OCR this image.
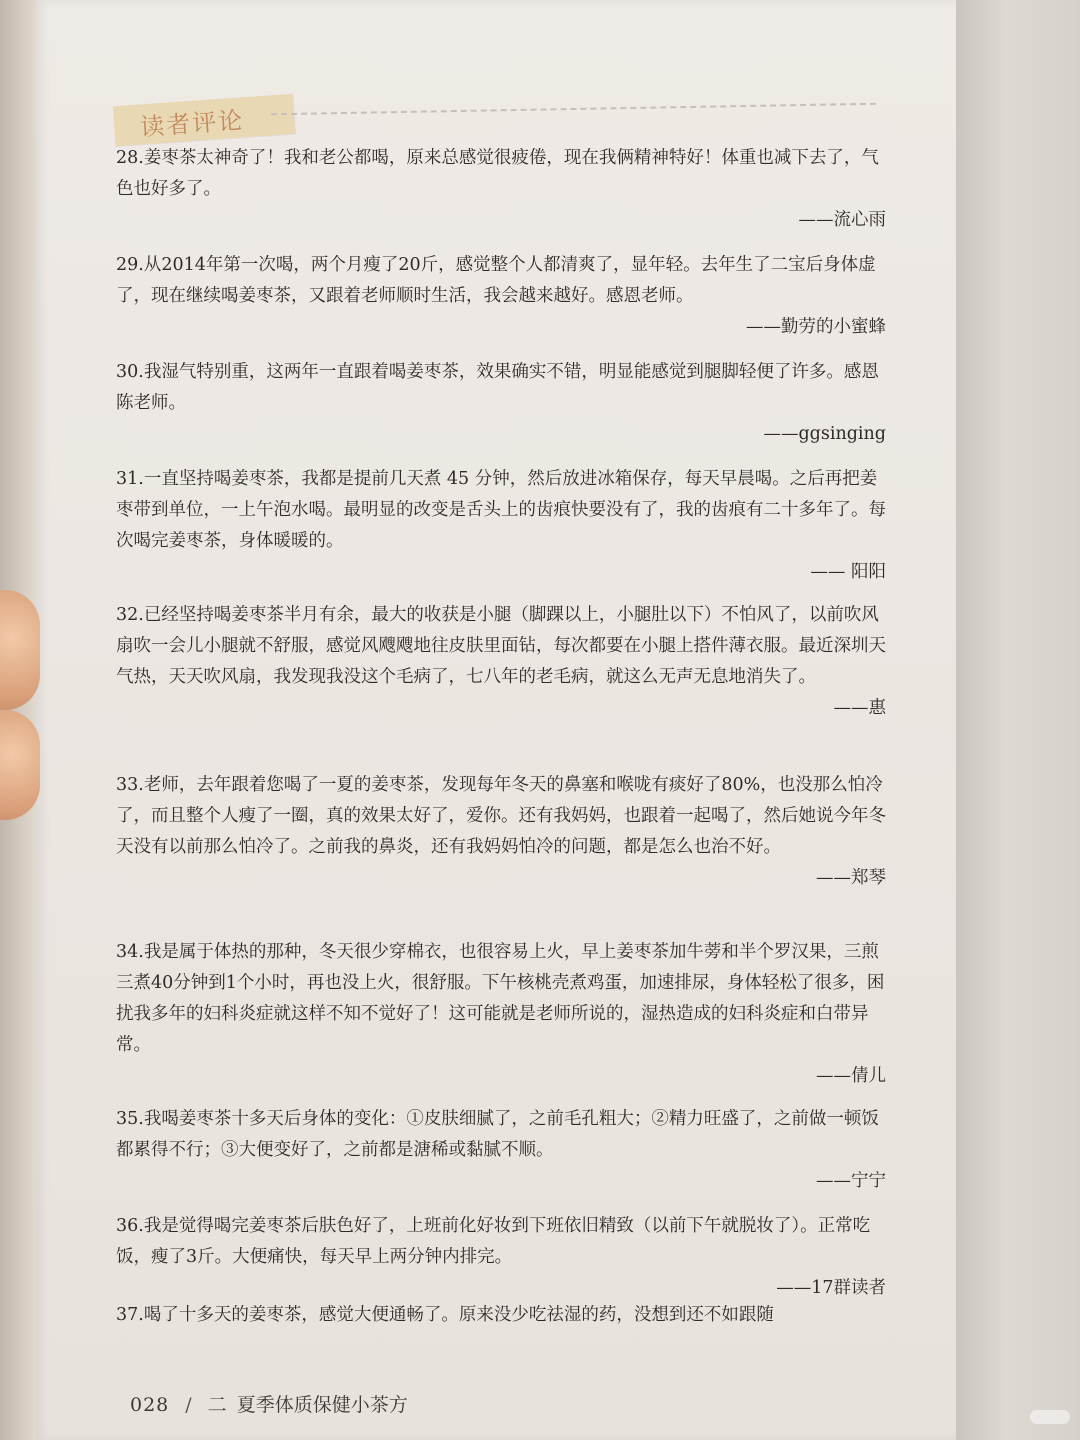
读者评论
28.姜枣茶太神奇了！我和老公都喝，原来总感觉很疲倦，现在我俩精神特好！体重也减下去了，气色也好多了。
——流心雨
29.从2014年第一次喝，两个月瘦了20斤，感觉整个人都清爽了，显年轻。去年生了二宝后身体虚了，现在继续喝姜枣茶，又跟着老师顺时生活，我会越来越好。感恩老师。
——勤劳的小蜜蜂
30.我湿气特别重，这两年一直跟着喝姜枣茶，效果确实不错，明显能感觉到腿脚轻便了许多。感恩陈老师。
——ggsinging
31.一直坚持喝姜枣茶，我都是提前几天煮 45 分钟，然后放进冰箱保存，每天早晨喝。之后再把姜枣带到单位，一上午泡水喝。最明显的改变是舌头上的齿痕快要没有了，我的齿痕有二十多年了。每次喝完姜枣茶，身体暖暖的。
—— 阳阳
32.已经坚持喝姜枣茶半月有余，最大的收获是小腿（脚踝以上，小腿肚以下）不怕风了，以前吹风扇吹一会儿小腿就不舒服，感觉风飕飕地往皮肤里面钻，每次都要在小腿上搭件薄衣服。最近深圳天气热，天天吹风扇，我发现我没这个毛病了，七八年的老毛病，就这么无声无息地消失了。
——惠
33.老师，去年跟着您喝了一夏的姜枣茶，发现每年冬天的鼻塞和喉咙有痰好了80%，也没那么怕冷了，而且整个人瘦了一圈，真的效果太好了，爱你。还有我妈妈，也跟着一起喝了，然后她说今年冬天没有以前那么怕冷了。之前我的鼻炎，还有我妈妈怕冷的问题，都是怎么也治不好。
——郑琴
34.我是属于体热的那种，冬天很少穿棉衣，也很容易上火，早上姜枣茶加牛蒡和半个罗汉果，三煎三煮40分钟到1个小时，再也没上火，很舒服。下午核桃壳煮鸡蛋，加速排尿，身体轻松了很多，困扰我多年的妇科炎症就这样不知不觉好了！这可能就是老师所说的，湿热造成的妇科炎症和白带异常。
——倩儿
35.我喝姜枣茶十多天后身体的变化：①皮肤细腻了，之前毛孔粗大；②精力旺盛了，之前做一顿饭都累得不行；③大便变好了，之前都是溏稀或黏腻不顺。
——宁宁
36.我是觉得喝完姜枣茶后肤色好了，上班前化好妆到下班依旧精致（以前下午就脱妆了）。正常吃饭，瘦了3斤。大便痛快，每天早上两分钟内排完。
——17群读者
37.喝了十多天的姜枣茶，感觉大便通畅了。原来没少吃祛湿的药，没想到还不如跟随
028 / 二 夏季体质保健小茶方
